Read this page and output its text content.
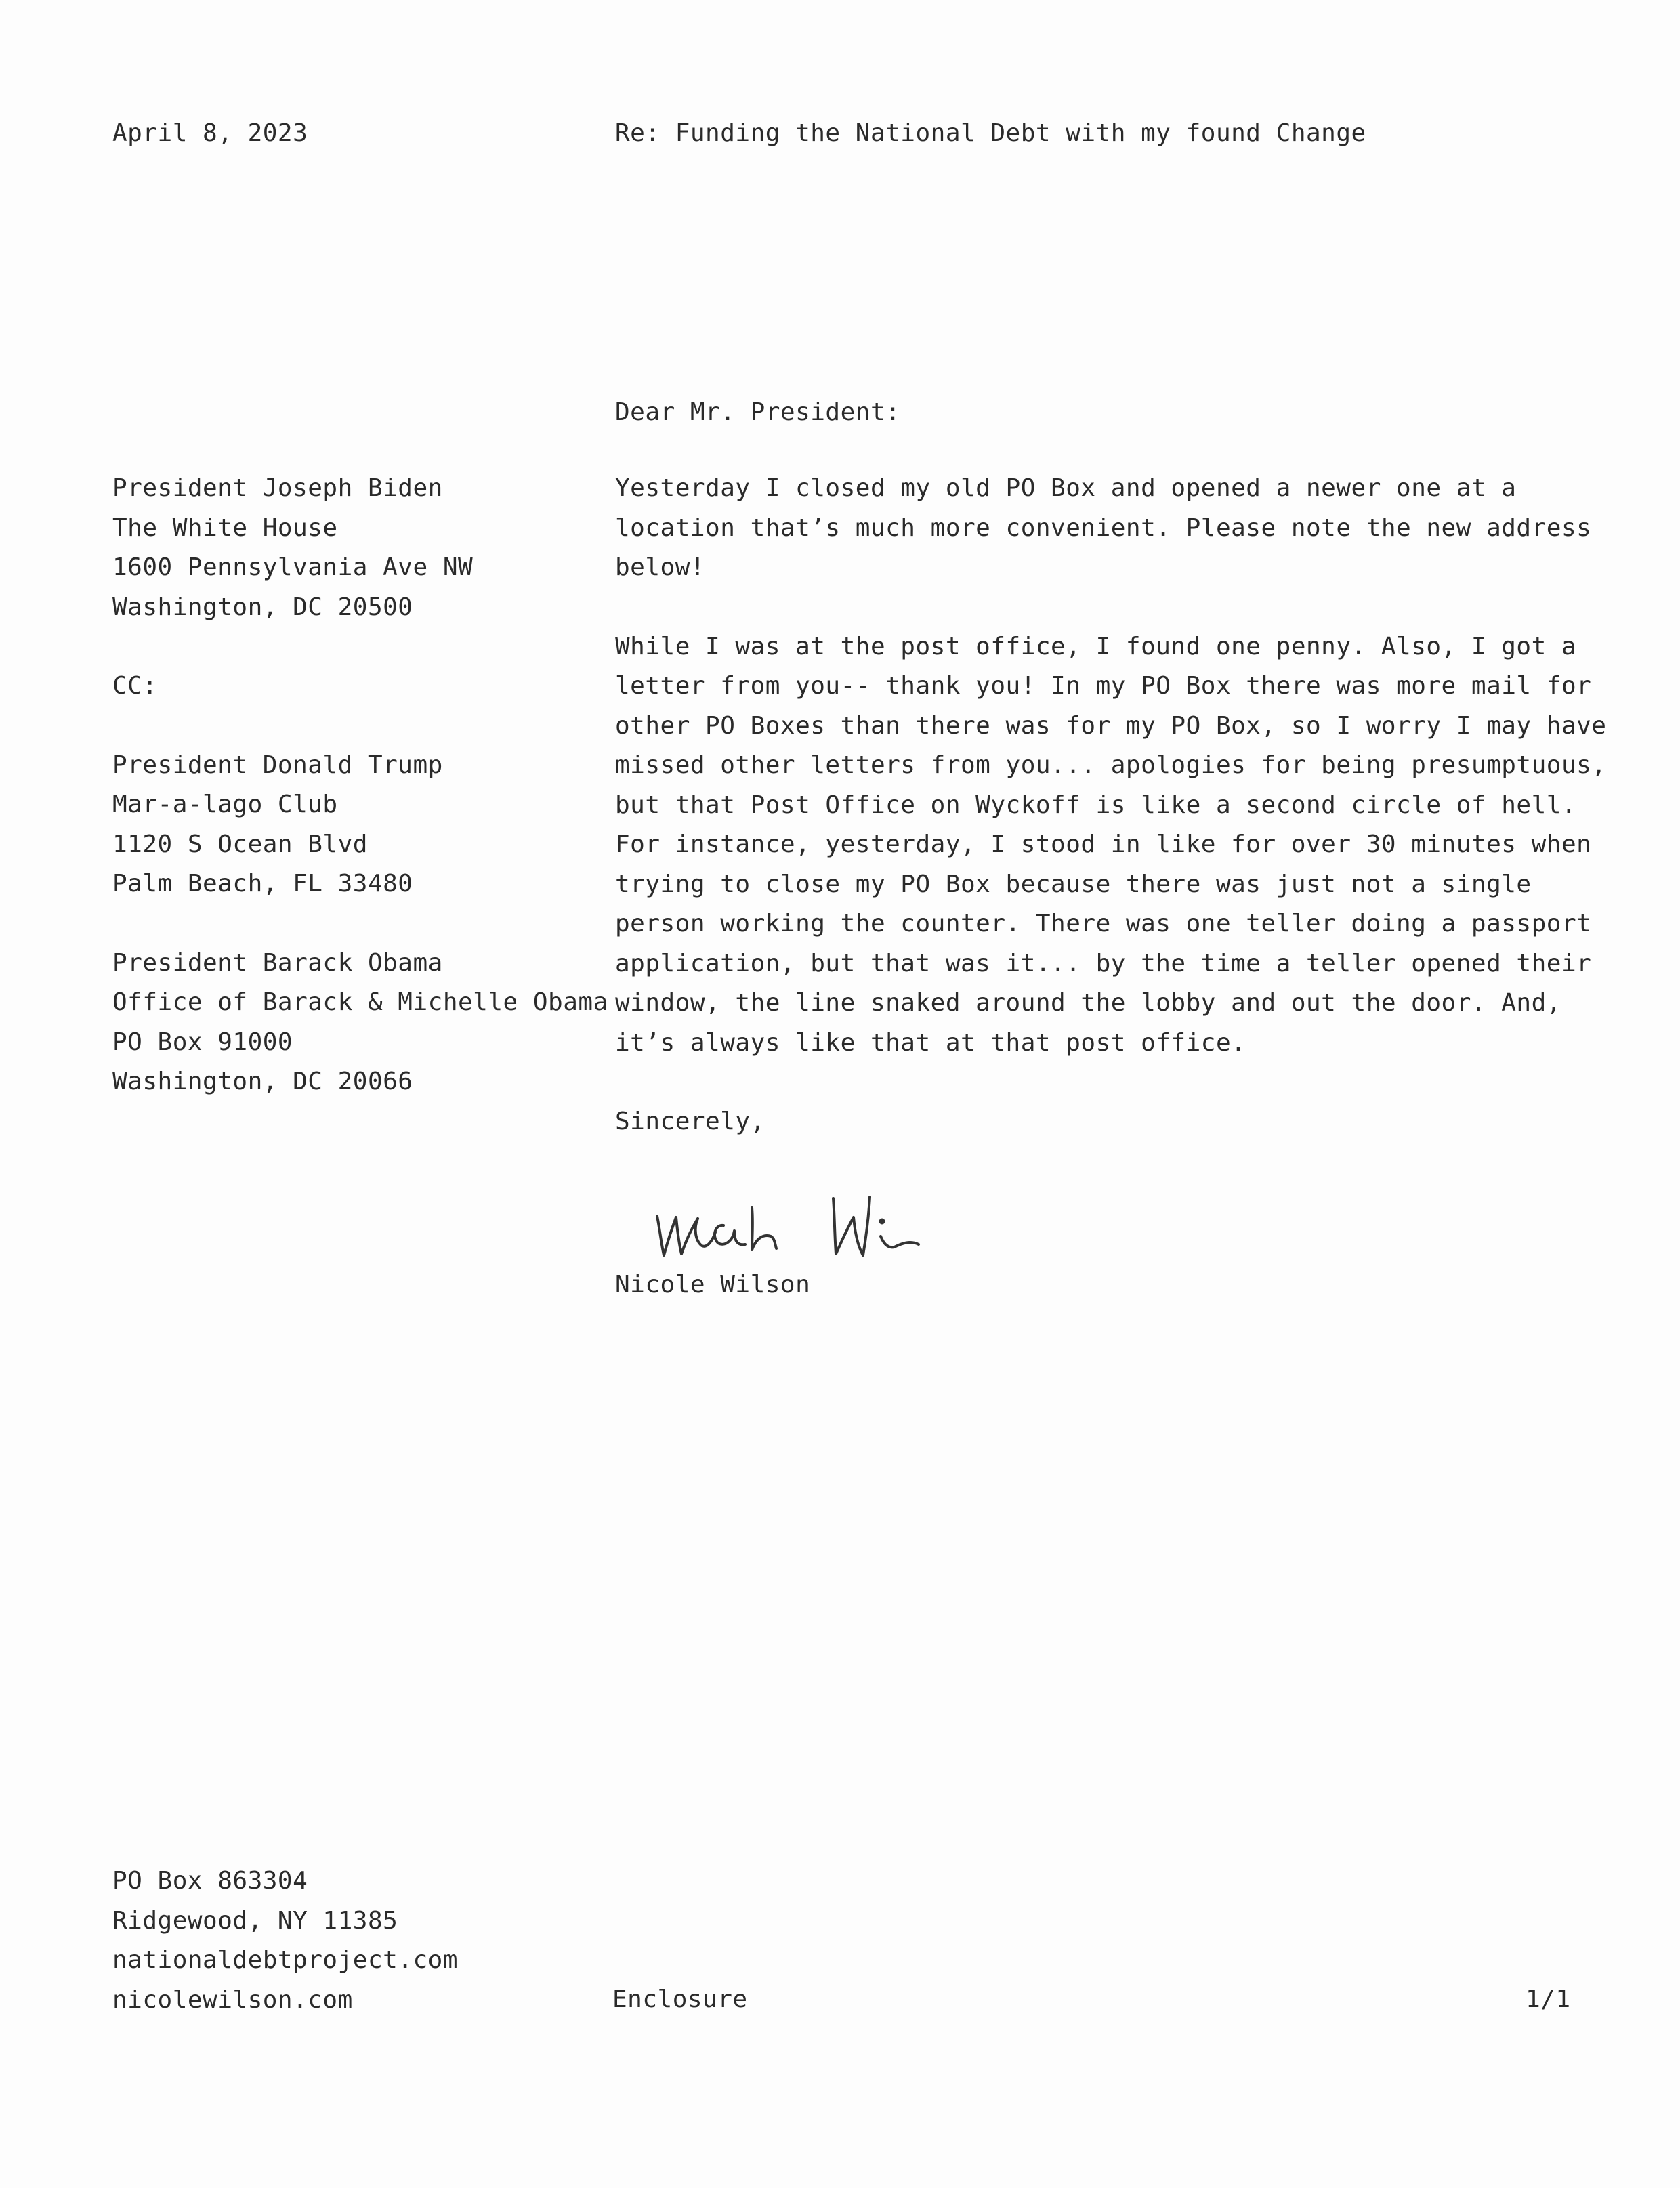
April 8, 2023	Re: Funding the National Debt with my found Change
Dear Mr. President:
President Joseph Biden
The White House
1600 Pennsylvania Ave NW
Washington, DC 20500
CC:
President Donald Trump
Mar-a-lago Club
1120 S Ocean Blvd
Palm Beach, FL 33480
President Barack Obama
Office of Barack & Michelle Obama
PO Box 91000
Washington, DC 20066
Yesterday I closed my old PO Box and opened a newer one at a
location that’s much more convenient. Please note the new address
below!
While I was at the post office, I found one penny. Also, I got a
letter from you-- thank you! In my PO Box there was more mail for
other PO Boxes than there was for my PO Box, so I worry I may have
missed other letters from you... apologies for being presumptuous,
but that Post Office on Wyckoff is like a second circle of hell.
For instance, yesterday, I stood in like for over 30 minutes when
trying to close my PO Box because there was just not a single
person working the counter. There was one teller doing a passport
application, but that was it... by the time a teller opened their
window, the line snaked around the lobby and out the door. And,
it’s always like that at that post office.
Sincerely,
Nicole Wilson
PO Box 863304
Ridgewood, NY 11385
nationaldebtproject.com
nicolewilson.com	Enclosure	1/1
